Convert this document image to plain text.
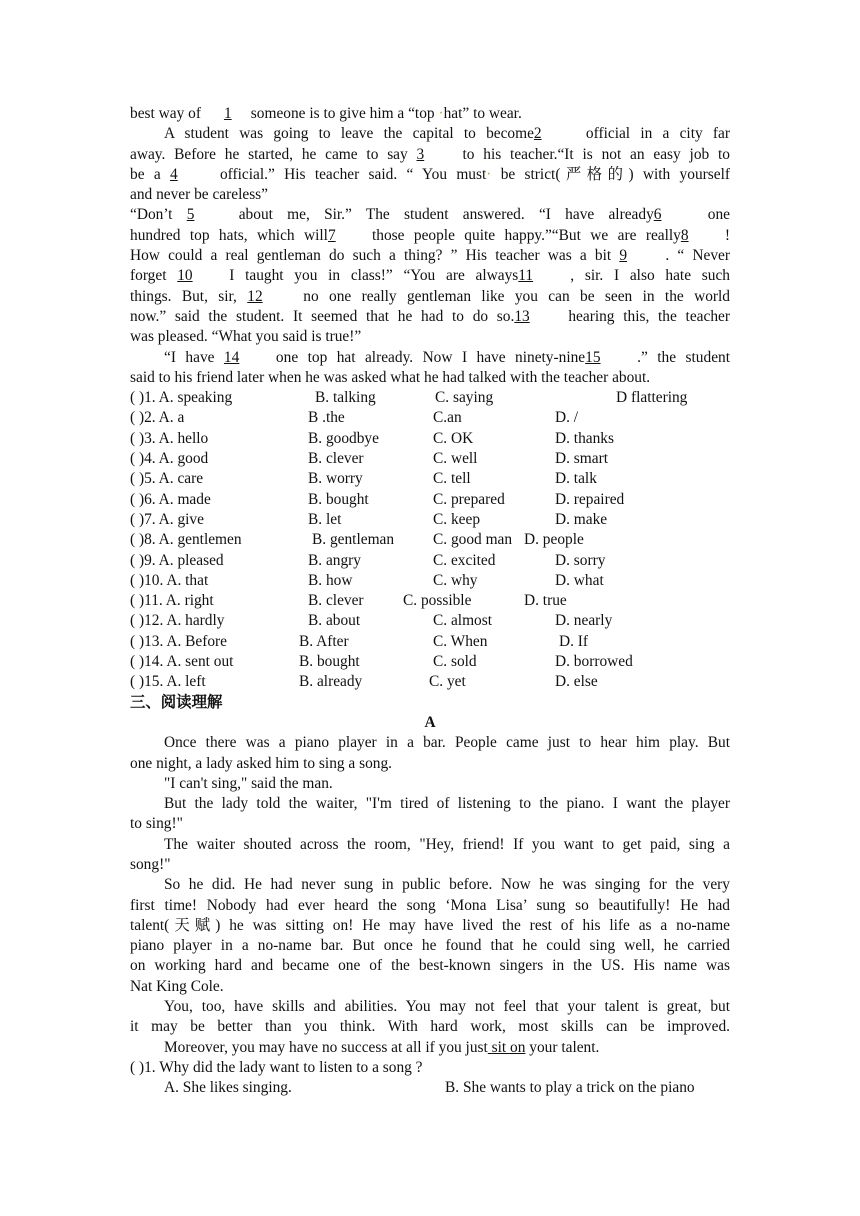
best way of 1 someone is to give him a “top ·hat” to wear.
A student was going to leave the capital to become2	official in a city far
away. Before he started, he came to say 3 to his teacher.“It is not an easy job to
be a 4	official.” His teacher said. “ You must· be strict(严格的) with yourself
and never be careless”
“Don’t 5	about me, Sir.” The student answered. “I have already6	one
hundred top hats, which will7 those people quite happy.”“But we are really8 !
How could a real gentleman do such a thing? ” His teacher was a bit 9 . “ Never
forget 10 I taught you in class!” “You are always11 , sir. I also hate such
things. But, sir, 12	no one really gentleman like you can be seen in the world
now.” said the student. It seemed that he had to do so.13	hearing this, the teacher
was pleased. “What you said is true!”
“I have 14 one top hat already. Now I have ninety-nine15 .” the student
said to his friend later when he was asked what he had talked with the teacher about.
( )1. A. speaking	B. talking	C. saying	D flattering
( )2. A. a	B .the	C.an	D. /
( )3. A. hello	B. goodbye	C. OK	D. thanks
( )4. A. good	B. clever	C. well	D. smart
( )5. A. care	B. worry	C. tell	D. talk
( )6. A. made	B. bought	C. prepared	D. repaired
( )7. A. give	B. let	C. keep	D. make
( )8. A. gentlemen	B. gentleman	C. good man D. people
( )9. A. pleased	B. angry	C. excited	D. sorry
( )10. A. that	B. how	C. why	D. what
( )11. A. right	B. clever	C. possible	D. true
( )12. A. hardly	B. about	C. almost	D. nearly
( )13. A. Before	B. After	C. When	D. If
( )14. A. sent out	B. bought	C. sold	D. borrowed
( )15. A. left	B. already	C. yet	D. else
三、阅读理解
A
Once there was a piano player in a bar. People came just to hear him play. But
one night, a lady asked him to sing a song.
"I can't sing," said the man.
But the lady told the waiter, "I'm tired of listening to the piano. I want the player
to sing!"
The waiter shouted across the room, "Hey, friend! If you want to get paid, sing a
song!"
So he did. He had never sung in public before. Now he was singing for the very
first time! Nobody had ever heard the song ‘Mona Lisa’ sung so beautifully! He had
talent(天赋) he was sitting on! He may have lived the rest of his life as a no-name
piano player in a no-name bar. But once he found that he could sing well, he carried
on working hard and became one of the best-known singers in the US. His name was
Nat King Cole.
You, too, have skills and abilities. You may not feel that your talent is great, but
it may be better than you think. With hard work, most skills can be improved.
Moreover, you may have no success at all if you just sit on your talent.
( )1. Why did the lady want to listen to a song ?
A. She likes singing.	B. She wants to play a trick on the piano
